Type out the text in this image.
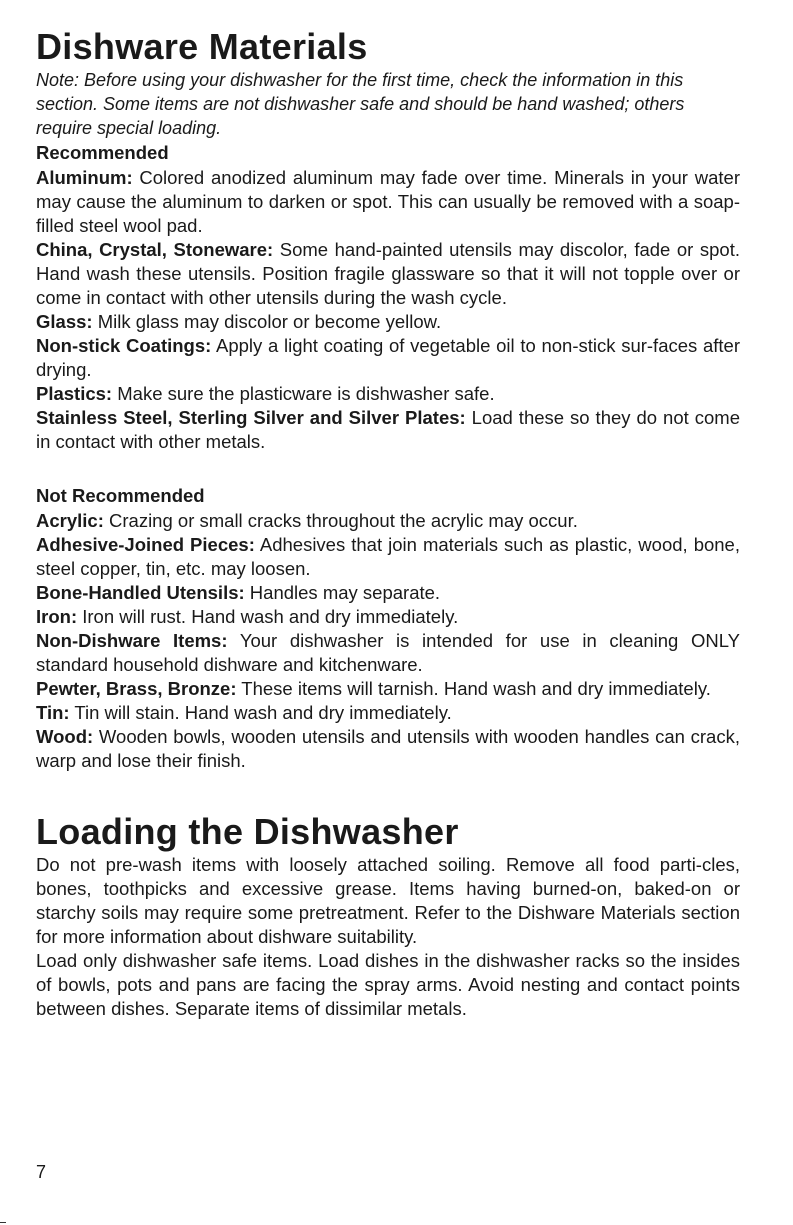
Dishware Materials

Note: Before using your dishwasher for the first time, check the information in this section. Some items are not dishwasher safe and should be hand washed; others require special loading.

Recommended

Aluminum: Colored anodized aluminum may fade over time. Minerals in your water may cause the aluminum to darken or spot. This can usually be removed with a soap-filled steel wool pad.

China, Crystal, Stoneware: Some hand-painted utensils may discolor, fade or spot. Hand wash these utensils. Position fragile glassware so that it will not topple over or come in contact with other utensils during the wash cycle.

Glass: Milk glass may discolor or become yellow.

Non-stick Coatings: Apply a light coating of vegetable oil to non-stick sur-faces after drying.

Plastics: Make sure the plasticware is dishwasher safe.

Stainless Steel, Sterling Silver and Silver Plates: Load these so they do not come in contact with other metals.

Not Recommended

Acrylic: Crazing or small cracks throughout the acrylic may occur.

Adhesive-Joined Pieces: Adhesives that join materials such as plastic, wood, bone, steel copper, tin, etc. may loosen.

Bone-Handled Utensils: Handles may separate.

Iron: Iron will rust. Hand wash and dry immediately.

Non-Dishware Items: Your dishwasher is intended for use in cleaning ONLY standard household dishware and kitchenware.

Pewter, Brass, Bronze: These items will tarnish. Hand wash and dry immediately.

Tin: Tin will stain. Hand wash and dry immediately.

Wood: Wooden bowls, wooden utensils and utensils with wooden handles can crack, warp and lose their finish.

Loading the Dishwasher

Do not pre-wash items with loosely attached soiling. Remove all food parti-cles, bones, toothpicks and excessive grease. Items having burned-on, baked-on or starchy soils may require some pretreatment. Refer to the Dishware Materials section for more information about dishware suitability.

Load only dishwasher safe items. Load dishes in the dishwasher racks so the insides of bowls, pots and pans are facing the spray arms. Avoid nesting and contact points between dishes. Separate items of dissimilar metals.

7
